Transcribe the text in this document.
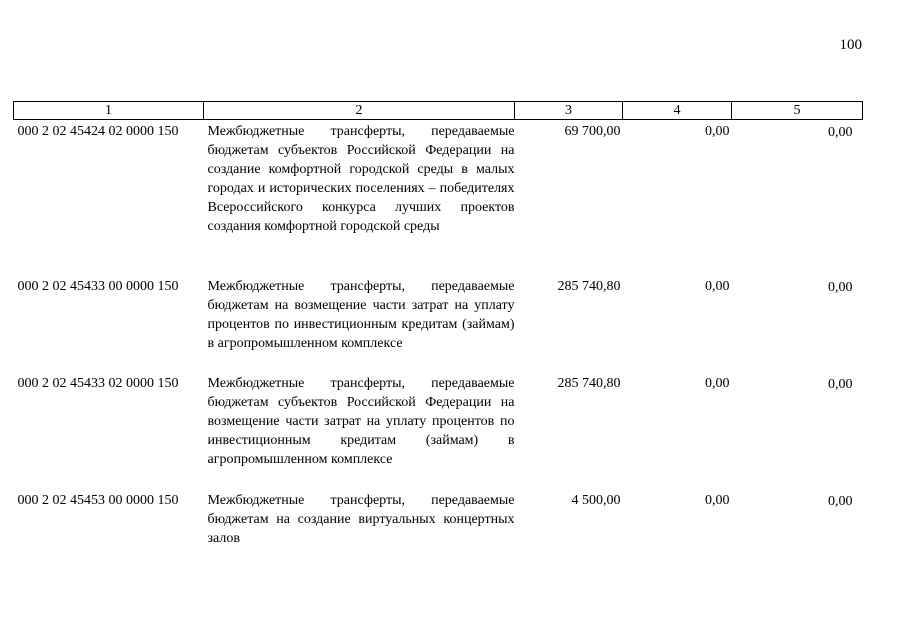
100
1	2	3	4	5
000 2 02 45424 02 0000 150	Межбюджетные трансферты, передаваемые бюджетам субъектов Российской Федерации на создание комфортной городской среды в малых городах и исторических поселениях – победителях Всероссийского конкурса лучших проектов создания комфортной городской среды	69 700,00	0,00	0,00
000 2 02 45433 00 0000 150	Межбюджетные трансферты, передаваемые бюджетам на возмещение части затрат на уплату процентов по инвестиционным кредитам (займам) в агропромышленном комплексе	285 740,80	0,00	0,00
000 2 02 45433 02 0000 150	Межбюджетные трансферты, передаваемые бюджетам субъектов Российской Федерации на возмещение части затрат на уплату процентов по инвестиционным кредитам (займам) в агропромышленном комплексе	285 740,80	0,00	0,00
000 2 02 45453 00 0000 150	Межбюджетные трансферты, передаваемые бюджетам на создание виртуальных концертных залов	4 500,00	0,00	0,00
